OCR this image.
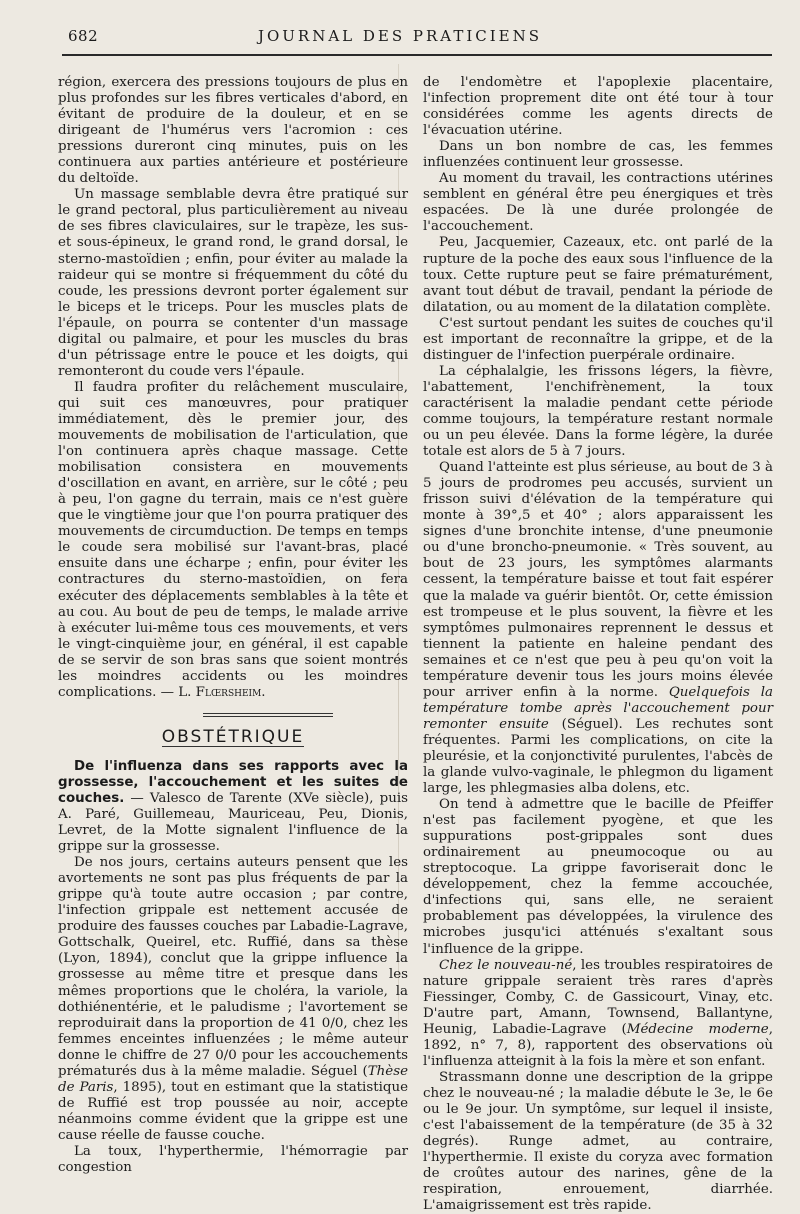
682	JOURNAL DES PRATICIENS

région, exercera des pressions toujours de plus en plus profondes sur les fibres verticales d'abord, en évitant de produire de la douleur, et en se dirigeant de l'humérus vers l'acromion : ces pressions dureront cinq minutes, puis on les continuera aux parties antérieure et postérieure du deltoïde.

Un massage semblable devra être pratiqué sur le grand pectoral, plus particulièrement au niveau de ses fibres claviculaires, sur le trapèze, les sus- et sous-épineux, le grand rond, le grand dorsal, le sterno-mastoïdien ; enfin, pour éviter au malade la raideur qui se montre si fréquemment du côté du coude, les pressions devront porter également sur le biceps et le triceps. Pour les muscles plats de l'épaule, on pourra se contenter d'un massage digital ou palmaire, et pour les muscles du bras d'un pétrissage entre le pouce et les doigts, qui remonteront du coude vers l'épaule.

Il faudra profiter du relâchement musculaire, qui suit ces manœuvres, pour pratiquer immédiatement, dès le premier jour, des mouvements de mobilisation de l'articulation, que l'on continuera après chaque massage. Cette mobilisation consistera en mouvements d'oscillation en avant, en arrière, sur le côté ; peu à peu, l'on gagne du terrain, mais ce n'est guère que le vingtième jour que l'on pourra pratiquer des mouvements de circumduction. De temps en temps le coude sera mobilisé sur l'avant-bras, placé ensuite dans une écharpe ; enfin, pour éviter les contractures du sterno-mastoïdien, on fera exécuter des déplacements semblables à la tête et au cou. Au bout de peu de temps, le malade arrive à exécuter lui-même tous ces mouvements, et vers le vingt-cinquième jour, en général, il est capable de se servir de son bras sans que soient montrés les moindres accidents ou les moindres complications. — L. Flœrsheim.

OBSTÉTRIQUE

De l'influenza dans ses rapports avec la grossesse, l'accouchement et les suites de couches. — Valesco de Tarente (XVe siècle), puis A. Paré, Guillemeau, Mauriceau, Peu, Dionis, Levret, de la Motte signalent l'influence de la grippe sur la grossesse.

De nos jours, certains auteurs pensent que les avortements ne sont pas plus fréquents de par la grippe qu'à toute autre occasion ; par contre, l'infection grippale est nettement accusée de produire des fausses couches par Labadie-Lagrave, Gottschalk, Queirel, etc. Ruffié, dans sa thèse (Lyon, 1894), conclut que la grippe influence la grossesse au même titre et presque dans les mêmes proportions que le choléra, la variole, la dothiénentérie, et le paludisme ; l'avortement se reproduirait dans la proportion de 41 0/0, chez les femmes enceintes influenzées ; le même auteur donne le chiffre de 27 0/0 pour les accouchements prématurés dus à la même maladie. Séguel (Thèse de Paris, 1895), tout en estimant que la statistique de Ruffié est trop poussée au noir, accepte néanmoins comme évident que la grippe est une cause réelle de fausse couche.

La toux, l'hyperthermie, l'hémorragie par congestion

de l'endomètre et l'apoplexie placentaire, l'infection proprement dite ont été tour à tour considérées comme les agents directs de l'évacuation utérine.

Dans un bon nombre de cas, les femmes influenzées continuent leur grossesse.

Au moment du travail, les contractions utérines semblent en général être peu énergiques et très espacées. De là une durée prolongée de l'accouchement.

Peu, Jacquemier, Cazeaux, etc. ont parlé de la rupture de la poche des eaux sous l'influence de la toux. Cette rupture peut se faire prématurément, avant tout début de travail, pendant la période de dilatation, ou au moment de la dilatation complète.

C'est surtout pendant les suites de couches qu'il est important de reconnaître la grippe, et de la distinguer de l'infection puerpérale ordinaire.

La céphalalgie, les frissons légers, la fièvre, l'abattement, l'enchifrènement, la toux caractérisent la maladie pendant cette période comme toujours, la température restant normale ou un peu élevée. Dans la forme légère, la durée totale est alors de 5 à 7 jours.

Quand l'atteinte est plus sérieuse, au bout de 3 à 5 jours de prodromes peu accusés, survient un frisson suivi d'élévation de la température qui monte à 39°,5 et 40° ; alors apparaissent les signes d'une bronchite intense, d'une pneumonie ou d'une broncho-pneumonie. « Très souvent, au bout de 23 jours, les symptômes alarmants cessent, la température baisse et tout fait espérer que la malade va guérir bientôt. Or, cette émission est trompeuse et le plus souvent, la fièvre et les symptômes pulmonaires reprennent le dessus et tiennent la patiente en haleine pendant des semaines et ce n'est que peu à peu qu'on voit la température devenir tous les jours moins élevée pour arriver enfin à la norme. Quelquefois la température tombe après l'accouchement pour remonter ensuite (Séguel). Les rechutes sont fréquentes. Parmi les complications, on cite la pleurésie, et la conjonctivité purulentes, l'abcès de la glande vulvo-vaginale, le phlegmon du ligament large, les phlegmasies alba dolens, etc.

On tend à admettre que le bacille de Pfeiffer n'est pas facilement pyogène, et que les suppurations post-grippales sont dues ordinairement au pneumocoque ou au streptocoque. La grippe favoriserait donc le développement, chez la femme accouchée, d'infections qui, sans elle, ne seraient probablement pas développées, la virulence des microbes jusqu'ici atténués s'exaltant sous l'influence de la grippe.

Chez le nouveau-né, les troubles respiratoires de nature grippale seraient très rares d'après Fiessinger, Comby, C. de Gassicourt, Vinay, etc. D'autre part, Amann, Townsend, Ballantyne, Heunig, Labadie-Lagrave (Médecine moderne, 1892, n° 7, 8), rapportent des observations où l'influenza atteignit à la fois la mère et son enfant.

Strassmann donne une description de la grippe chez le nouveau-né ; la maladie débute le 3e, le 6e ou le 9e jour. Un symptôme, sur lequel il insiste, c'est l'abaissement de la température (de 35 à 32 degrés). Runge admet, au contraire, l'hyperthermie. Il existe du coryza avec formation de croûtes autour des narines, gêne de la respiration, enrouement, diarrhée. L'amaigrissement est très rapide.
